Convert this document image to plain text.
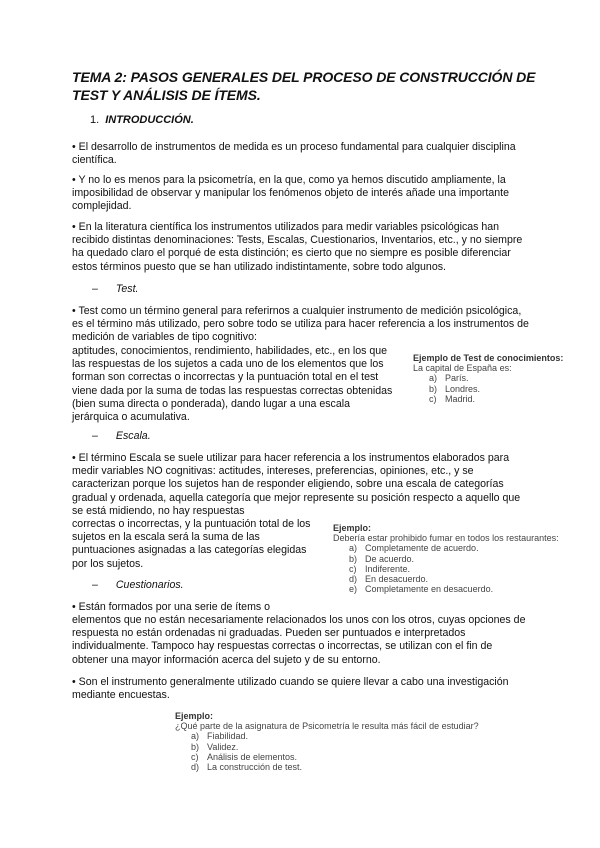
TEMA 2: PASOS GENERALES DEL PROCESO DE CONSTRUCCIÓN DE TEST Y ANÁLISIS DE ÍTEMS.
1. INTRODUCCIÓN.
• El desarrollo de instrumentos de medida es un proceso fundamental para cualquier disciplina científica.
• Y no lo es menos para la psicometría, en la que, como ya hemos discutido ampliamente, la imposibilidad de observar y manipular los fenómenos objeto de interés añade una importante complejidad.
• En la literatura científica los instrumentos utilizados para medir variables psicológicas han recibido distintas denominaciones: Tests, Escalas, Cuestionarios, Inventarios, etc., y no siempre ha quedado claro el porqué de esta distinción; es cierto que no siempre es posible diferenciar estos términos puesto que se han utilizado indistintamente, sobre todo algunos.
– Test.
• Test como un término general para referirnos a cualquier instrumento de medición psicológica, es el término más utilizado, pero sobre todo se utiliza para hacer referencia a los instrumentos de medición de variables de tipo cognitivo:
aptitudes, conocimientos, rendimiento, habilidades, etc., en los que las respuestas de los sujetos a cada uno de los elementos que los forman son correctas o incorrectas y la puntuación total en el test viene dada por la suma de todas las respuestas correctas obtenidas (bien suma directa o ponderada), dando lugar a una escala jerárquica o acumulativa.
Ejemplo de Test de conocimientos:
La capital de España es:
a) París.
b) Londres.
c) Madrid.
– Escala.
• El término Escala se suele utilizar para hacer referencia a los instrumentos elaborados para medir variables NO cognitivas: actitudes, intereses, preferencias, opiniones, etc., y se caracterizan porque los sujetos han de responder eligiendo, sobre una escala de categorías gradual y ordenada, aquella categoría que mejor represente su posición respecto a aquello que se está midiendo, no hay respuestas
correctas o incorrectas, y la puntuación total de los sujetos en la escala será la suma de las puntuaciones asignadas a las categorías elegidas por los sujetos.
Ejemplo:
Debería estar prohibido fumar en todos los restaurantes:
a) Completamente de acuerdo.
b) De acuerdo.
c) Indiferente.
d) En desacuerdo.
e) Completamente en desacuerdo.
– Cuestionarios.
• Están formados por una serie de ítems o
elementos que no están necesariamente relacionados los unos con los otros, cuyas opciones de respuesta no están ordenadas ni graduadas. Pueden ser puntuados e interpretados individualmente. Tampoco hay respuestas correctas o incorrectas, se utilizan con el fin de obtener una mayor información acerca del sujeto y de su entorno.
• Son el instrumento generalmente utilizado cuando se quiere llevar a cabo una investigación mediante encuestas.
Ejemplo:
¿Qué parte de la asignatura de Psicometría le resulta más fácil de estudiar?
a) Fiabilidad.
b) Validez.
c) Análisis de elementos.
d) La construcción de test.
